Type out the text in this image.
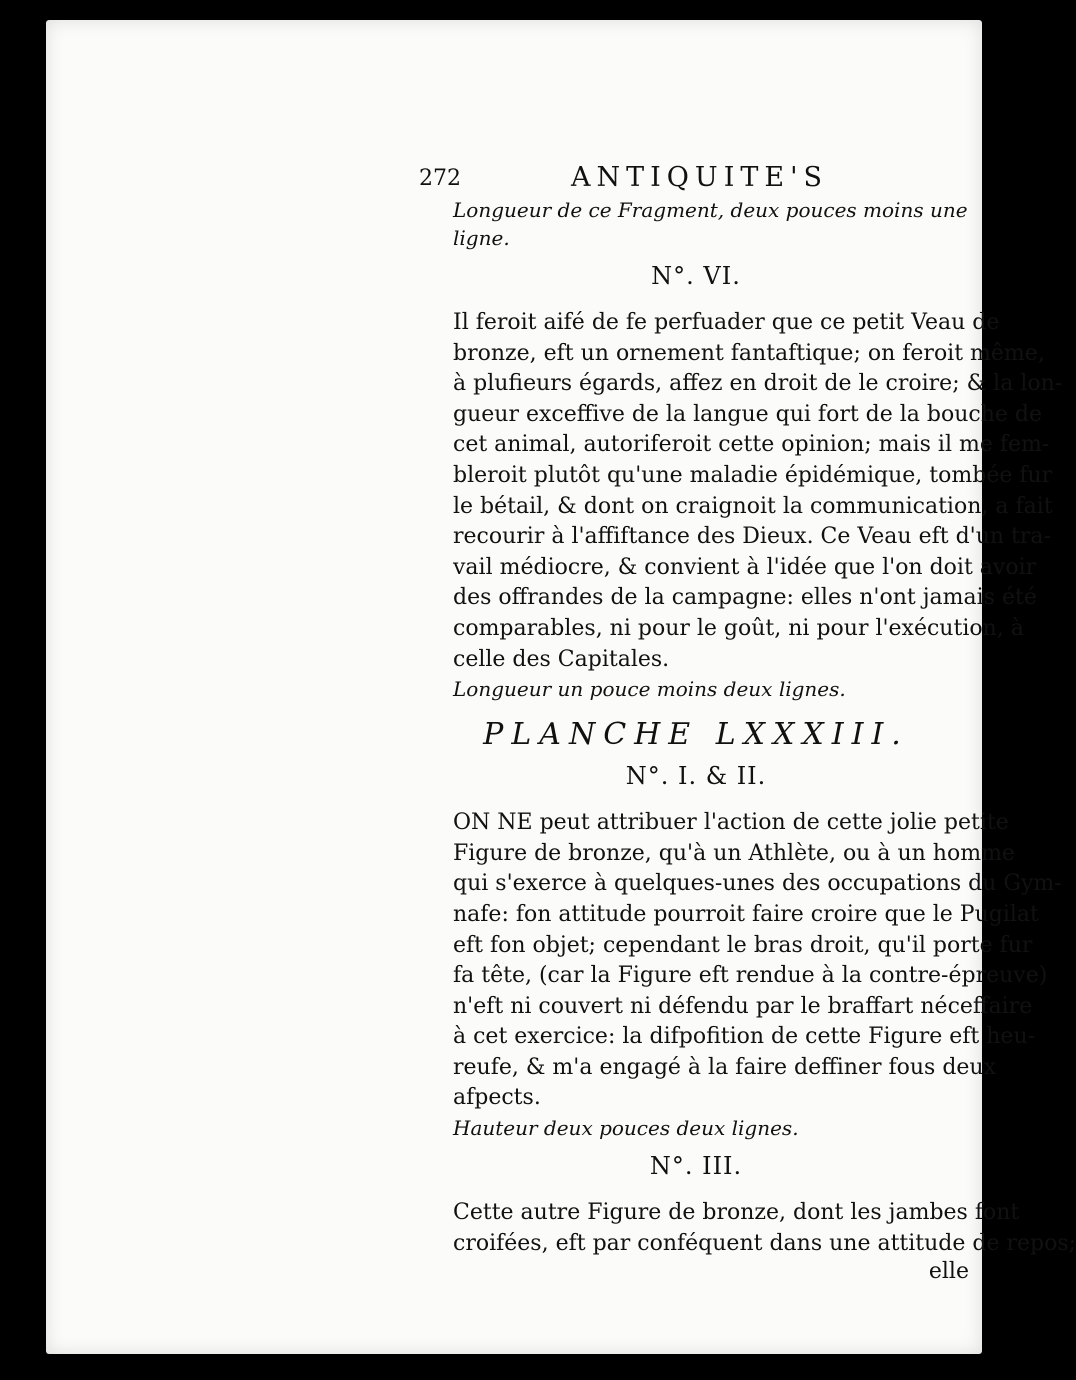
272	ANTIQUITE'S
Longueur de ce Fragment, deux pouces moins une ligne.
N°. VI.
Il feroit aifé de fe perfuader que ce petit Veau de
bronze, eft un ornement fantaftique; on feroit même,
à plufieurs égards, affez en droit de le croire; & la lon-
gueur exceffive de la langue qui fort de la bouche de
cet animal, autoriferoit cette opinion; mais il me fem-
bleroit plutôt qu'une maladie épidémique, tombée fur
le bétail, & dont on craignoit la communication, a fait
recourir à l'affiftance des Dieux. Ce Veau eft d'un tra-
vail médiocre, & convient à l'idée que l'on doit avoir
des offrandes de la campagne: elles n'ont jamais été
comparables, ni pour le goût, ni pour l'exécution, à
celle des Capitales.
Longueur un pouce moins deux lignes.
PLANCHE LXXXIII.
N°. I. & II.
ON NE peut attribuer l'action de cette jolie petite
Figure de bronze, qu'à un Athlète, ou à un homme
qui s'exerce à quelques-unes des occupations du Gym-
nafe: fon attitude pourroit faire croire que le Pugilat
eft fon objet; cependant le bras droit, qu'il porte fur
fa tête, (car la Figure eft rendue à la contre-épreuve)
n'eft ni couvert ni défendu par le braffart néceffaire
à cet exercice: la difpofition de cette Figure eft heu-
reufe, & m'a engagé à la faire deffiner fous deux
afpects.
Hauteur deux pouces deux lignes.
N°. III.
Cette autre Figure de bronze, dont les jambes font
croifées, eft par conféquent dans une attitude de repos;
elle
